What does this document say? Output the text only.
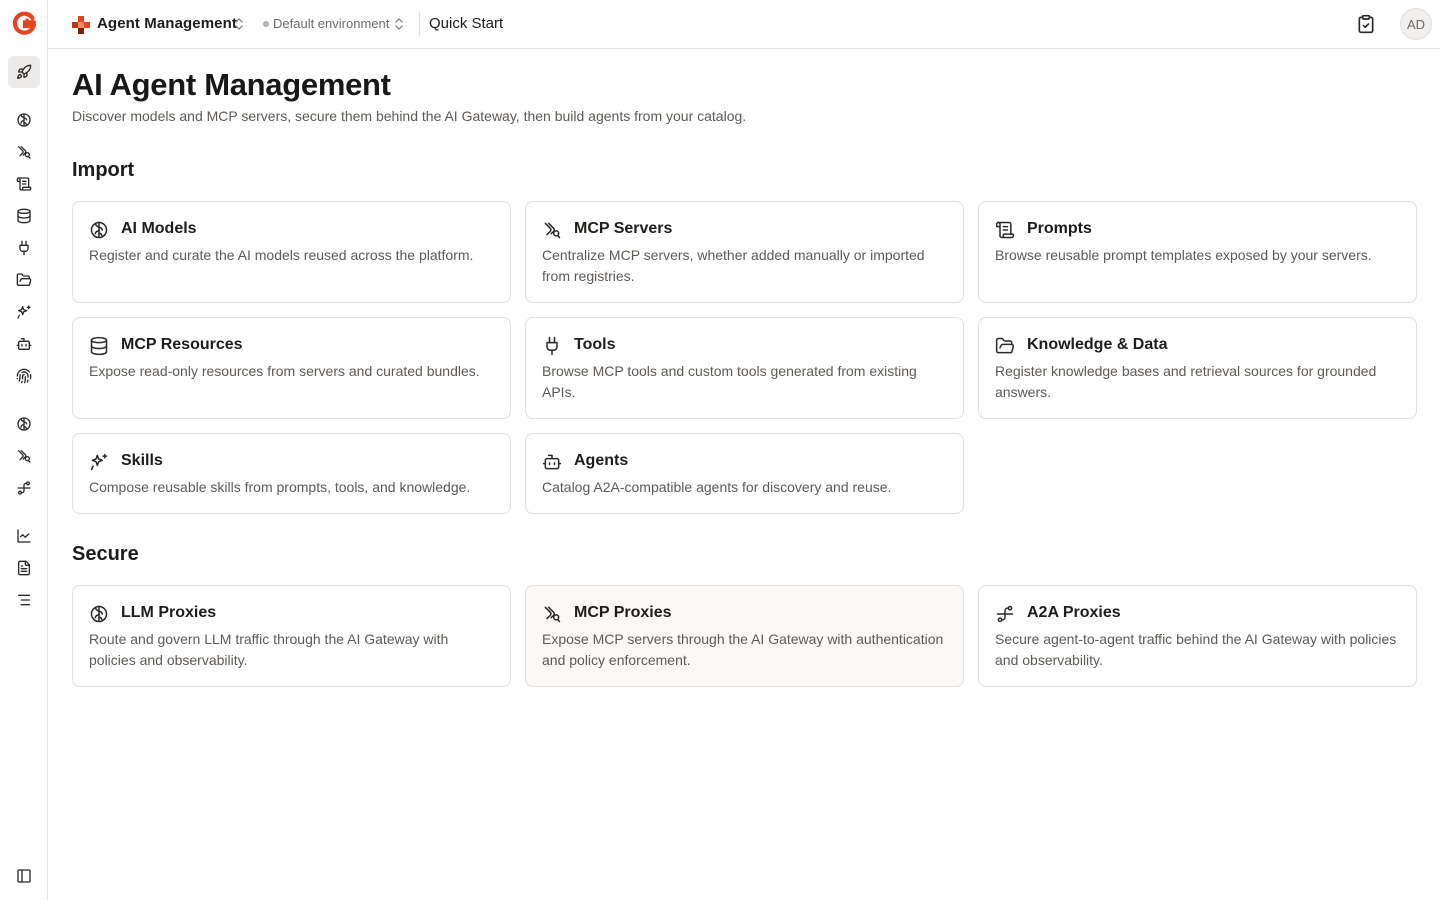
Agent Management	Default environment	Quick Start	AD
AI Agent Management

Discover models and MCP servers, secure them behind the AI Gateway, then build agents from your catalog.

Import
AI Models

Register and curate the AI models reused across the platform.

MCP Servers

Centralize MCP servers, whether added manually or imported from registries.

Prompts

Browse reusable prompt templates exposed by your servers.

MCP Resources

Expose read-only resources from servers and curated bundles.

Tools

Browse MCP tools and custom tools generated from existing APIs.

Knowledge & Data

Register knowledge bases and retrieval sources for grounded answers.

Skills

Compose reusable skills from prompts, tools, and knowledge.

Agents

Catalog A2A-compatible agents for discovery and reuse.

Secure
LLM Proxies

Route and govern LLM traffic through the AI Gateway with policies and observability.

MCP Proxies

Expose MCP servers through the AI Gateway with authentication and policy enforcement.

A2A Proxies

Secure agent-to-agent traffic behind the AI Gateway with policies and observability.
